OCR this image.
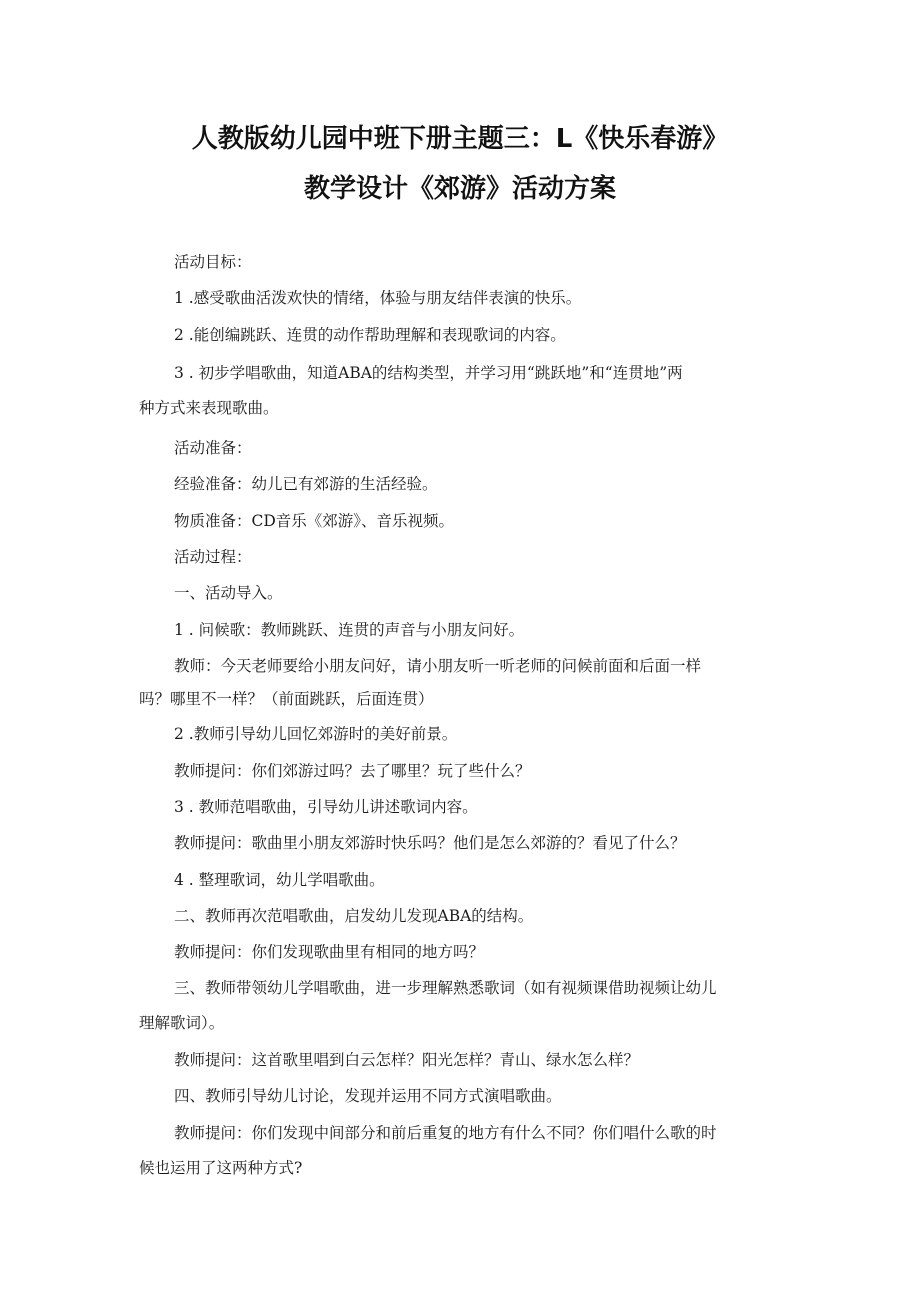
人教版幼儿园中班下册主题三：L《快乐春游》
教学设计《郊游》活动方案
活动目标：
1 .感受歌曲活泼欢快的情绪，体验与朋友结伴表演的快乐。
2 .能创编跳跃、连贯的动作帮助理解和表现歌词的内容。
3 . 初步学唱歌曲，知道ABA的结构类型，并学习用“跳跃地”和“连贯地”两
种方式来表现歌曲。
活动准备：
经验准备：幼儿已有郊游的生活经验。
物质准备：CD音乐《郊游》、音乐视频。
活动过程：
一、活动导入。
1 . 问候歌：教师跳跃、连贯的声音与小朋友问好。
教师：今天老师要给小朋友问好，请小朋友听一听老师的问候前面和后面一样
吗？哪里不一样？（前面跳跃，后面连贯）
2 .教师引导幼儿回忆郊游时的美好前景。
教师提问：你们郊游过吗？去了哪里？玩了些什么？
3 . 教师范唱歌曲，引导幼儿讲述歌词内容。
教师提问：歌曲里小朋友郊游时快乐吗？他们是怎么郊游的？看见了什么？
4 . 整理歌词，幼儿学唱歌曲。
二、教师再次范唱歌曲，启发幼儿发现ABA的结构。
教师提问：你们发现歌曲里有相同的地方吗？
三、教师带领幼儿学唱歌曲，进一步理解熟悉歌词（如有视频课借助视频让幼儿
理解歌词）。
教师提问：这首歌里唱到白云怎样？阳光怎样？青山、绿水怎么样？
四、教师引导幼儿讨论，发现并运用不同方式演唱歌曲。
教师提问：你们发现中间部分和前后重复的地方有什么不同？你们唱什么歌的时
候也运用了这两种方式?
